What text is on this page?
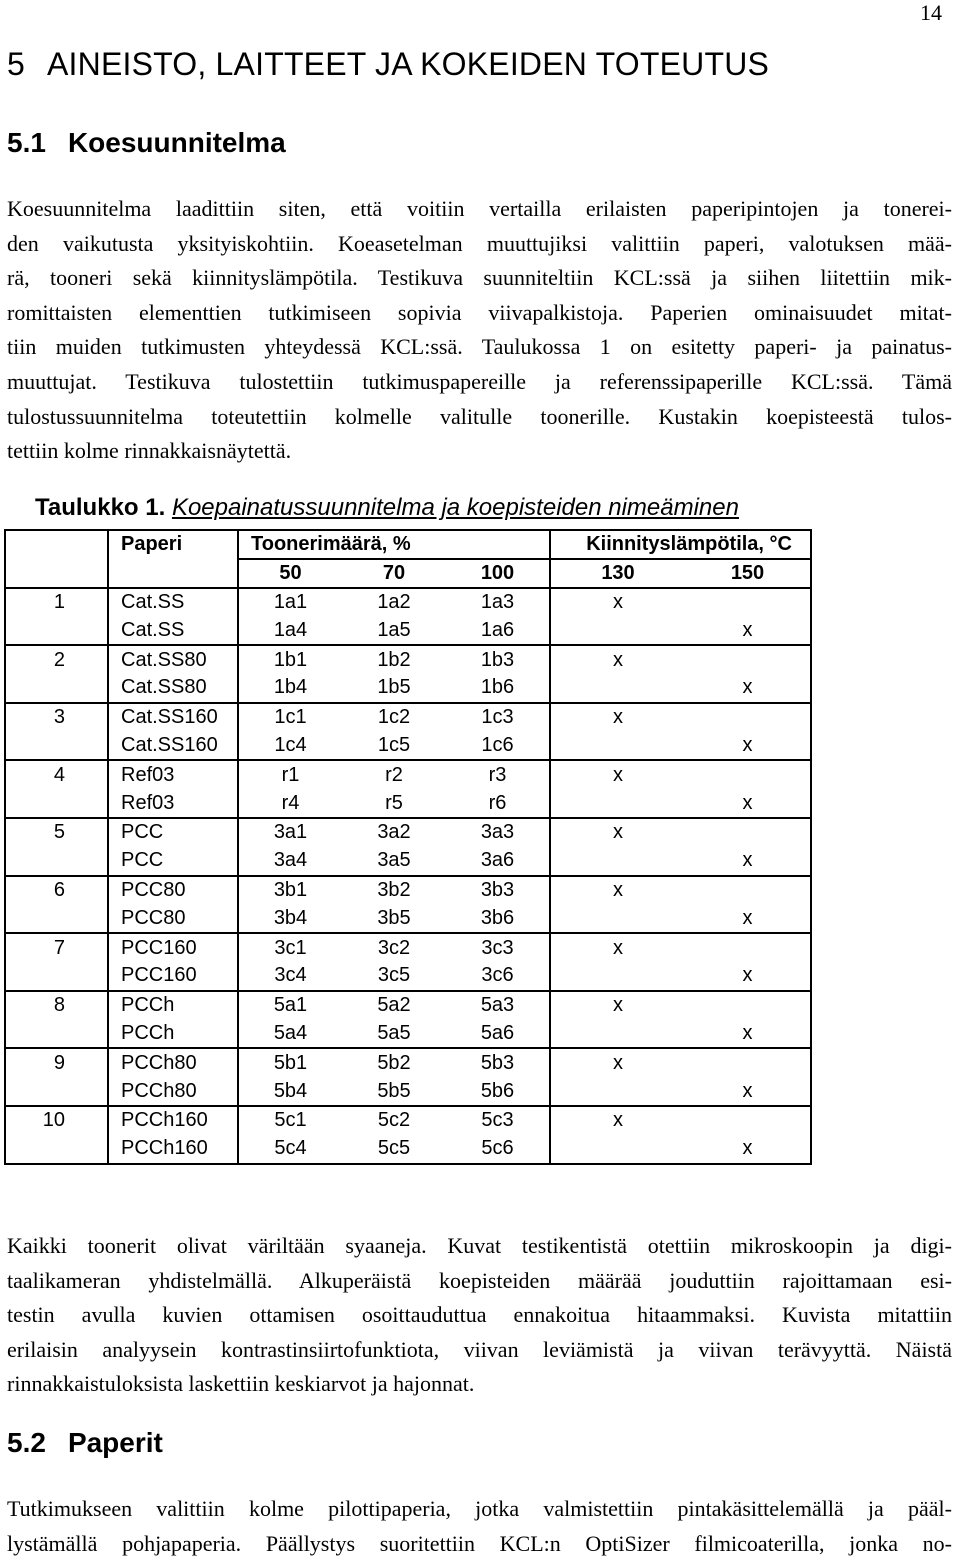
14
5 AINEISTO, LAITTEET JA KOKEIDEN TOTEUTUS
5.1 Koesuunnitelma
Koesuunnitelma laadittiin siten, että voitiin vertailla erilaisten paperipintojen ja tonerei-
den vaikutusta yksityiskohtiin. Koeasetelman muuttujiksi valittiin paperi, valotuksen mää-
rä, tooneri sekä kiinnityslämpötila. Testikuva suunniteltiin KCL:ssä ja siihen liitettiin mik-
romittaisten elementtien tutkimiseen sopivia viivapalkistoja. Paperien ominaisuudet mitat-
tiin muiden tutkimusten yhteydessä KCL:ssä. Taulukossa 1 on esitetty paperi- ja painatus-
muuttujat. Testikuva tulostettiin tutkimuspapereille ja referenssipaperille KCL:ssä. Tämä
tulostussuunnitelma toteutettiin kolmelle valitulle toonerille. Kustakin koepisteestä tulos-
tettiin kolme rinnakkaisnäytettä.

Taulukko 1. Koepainatussuunnitelma ja koepisteiden nimeäminen

	Paperi	Toonerimäärä, %			Kiinnityslämpötila, °C	
		50	70	100	130	150
1	Cat.SS	1a1	1a2	1a3	x	
	Cat.SS	1a4	1a5	1a6		x
2	Cat.SS80	1b1	1b2	1b3	x	
	Cat.SS80	1b4	1b5	1b6		x
3	Cat.SS160	1c1	1c2	1c3	x	
	Cat.SS160	1c4	1c5	1c6		x
4	Ref03	r1	r2	r3	x	
	Ref03	r4	r5	r6		x
5	PCC	3a1	3a2	3a3	x	
	PCC	3a4	3a5	3a6		x
6	PCC80	3b1	3b2	3b3	x	
	PCC80	3b4	3b5	3b6		x
7	PCC160	3c1	3c2	3c3	x	
	PCC160	3c4	3c5	3c6		x
8	PCCh	5a1	5a2	5a3	x	
	PCCh	5a4	5a5	5a6		x
9	PCCh80	5b1	5b2	5b3	x	
	PCCh80	5b4	5b5	5b6		x
10	PCCh160	5c1	5c2	5c3	x	
	PCCh160	5c4	5c5	5c6		x
Kaikki toonerit olivat väriltään syaaneja. Kuvat testikentistä otettiin mikroskoopin ja digi-
taalikameran yhdistelmällä. Alkuperäistä koepisteiden määrää jouduttiin rajoittamaan esi-
testin avulla kuvien ottamisen osoittauduttua ennakoitua hitaammaksi. Kuvista mitattiin
erilaisin analyysein kontrastinsiirtofunktiota, viivan leviämistä ja viivan terävyyttä. Näistä
rinnakkaistuloksista laskettiin keskiarvot ja hajonnat.
5.2 Paperit
Tutkimukseen valittiin kolme pilottipaperia, jotka valmistettiin pintakäsittelemällä ja pääl-
lystämällä pohjapaperia. Päällystys suoritettiin KCL:n OptiSizer filmicoaterilla, jonka no-
